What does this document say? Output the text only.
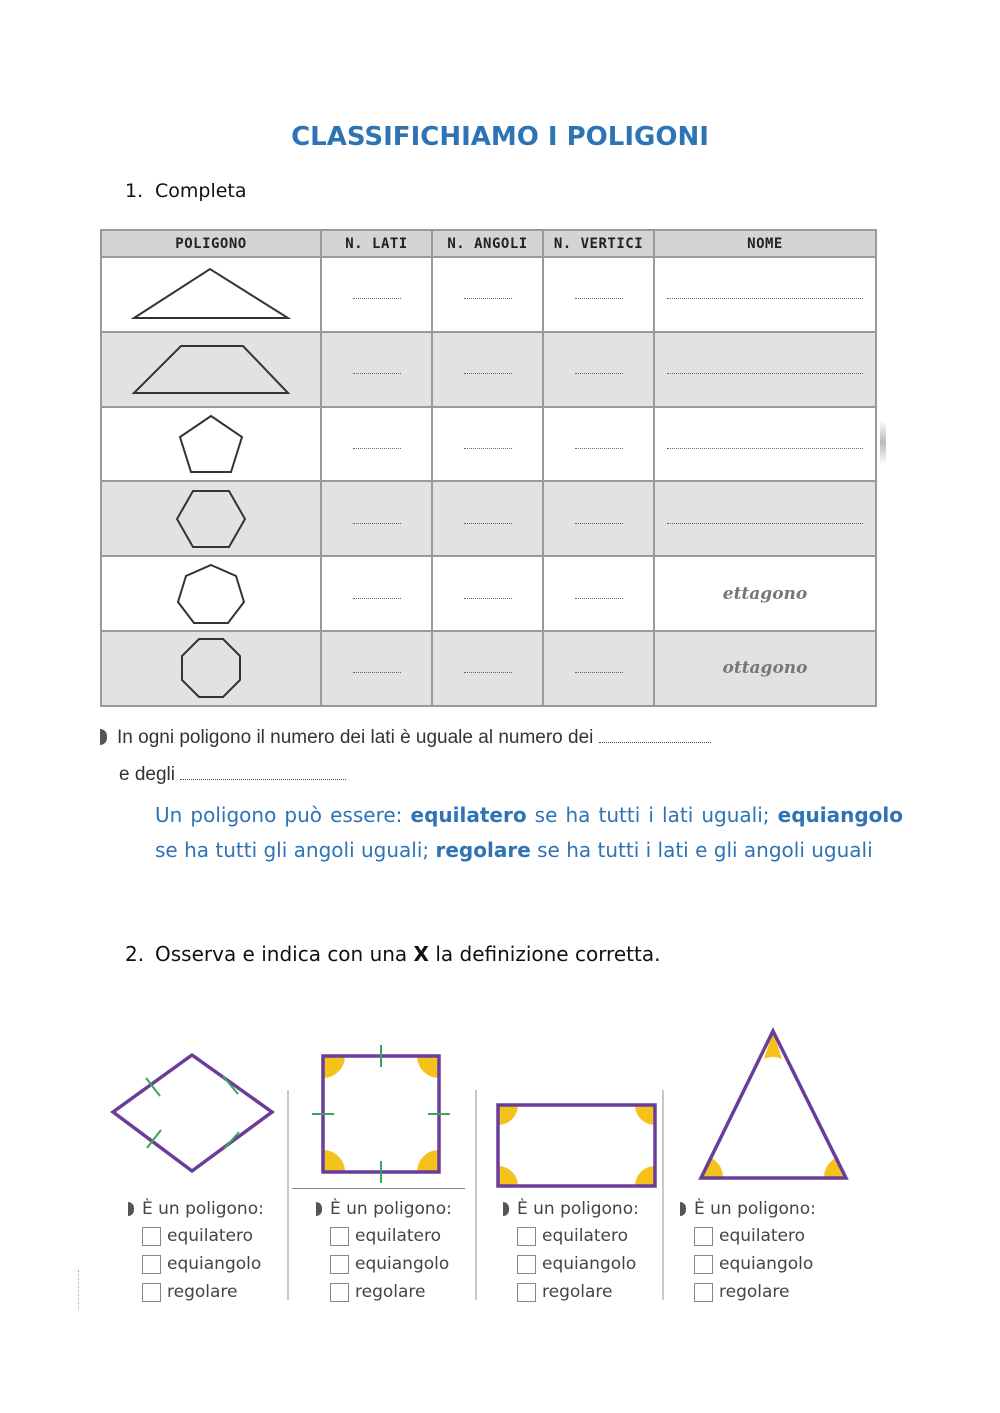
CLASSIFICHIAMO I POLIGONI
1. Completa
POLIGONO	N. LATI	N. ANGOLI	N. VERTICI	NOME

				ettagono

				ottagono
In ogni poligono il numero dei lati è uguale al numero dei
e degli
Un poligono può essere: equilatero se ha tutti i lati uguali; equiangolo se ha tutti gli angoli uguali; regolare se ha tutti i lati e gli angoli uguali
2. Osserva e indica con una X la definizione corretta.
È un poligono:
equilatero
equiangolo
regolare
È un poligono:
equilatero
equiangolo
regolare
È un poligono:
equilatero
equiangolo
regolare
È un poligono:
equilatero
equiangolo
regolare
